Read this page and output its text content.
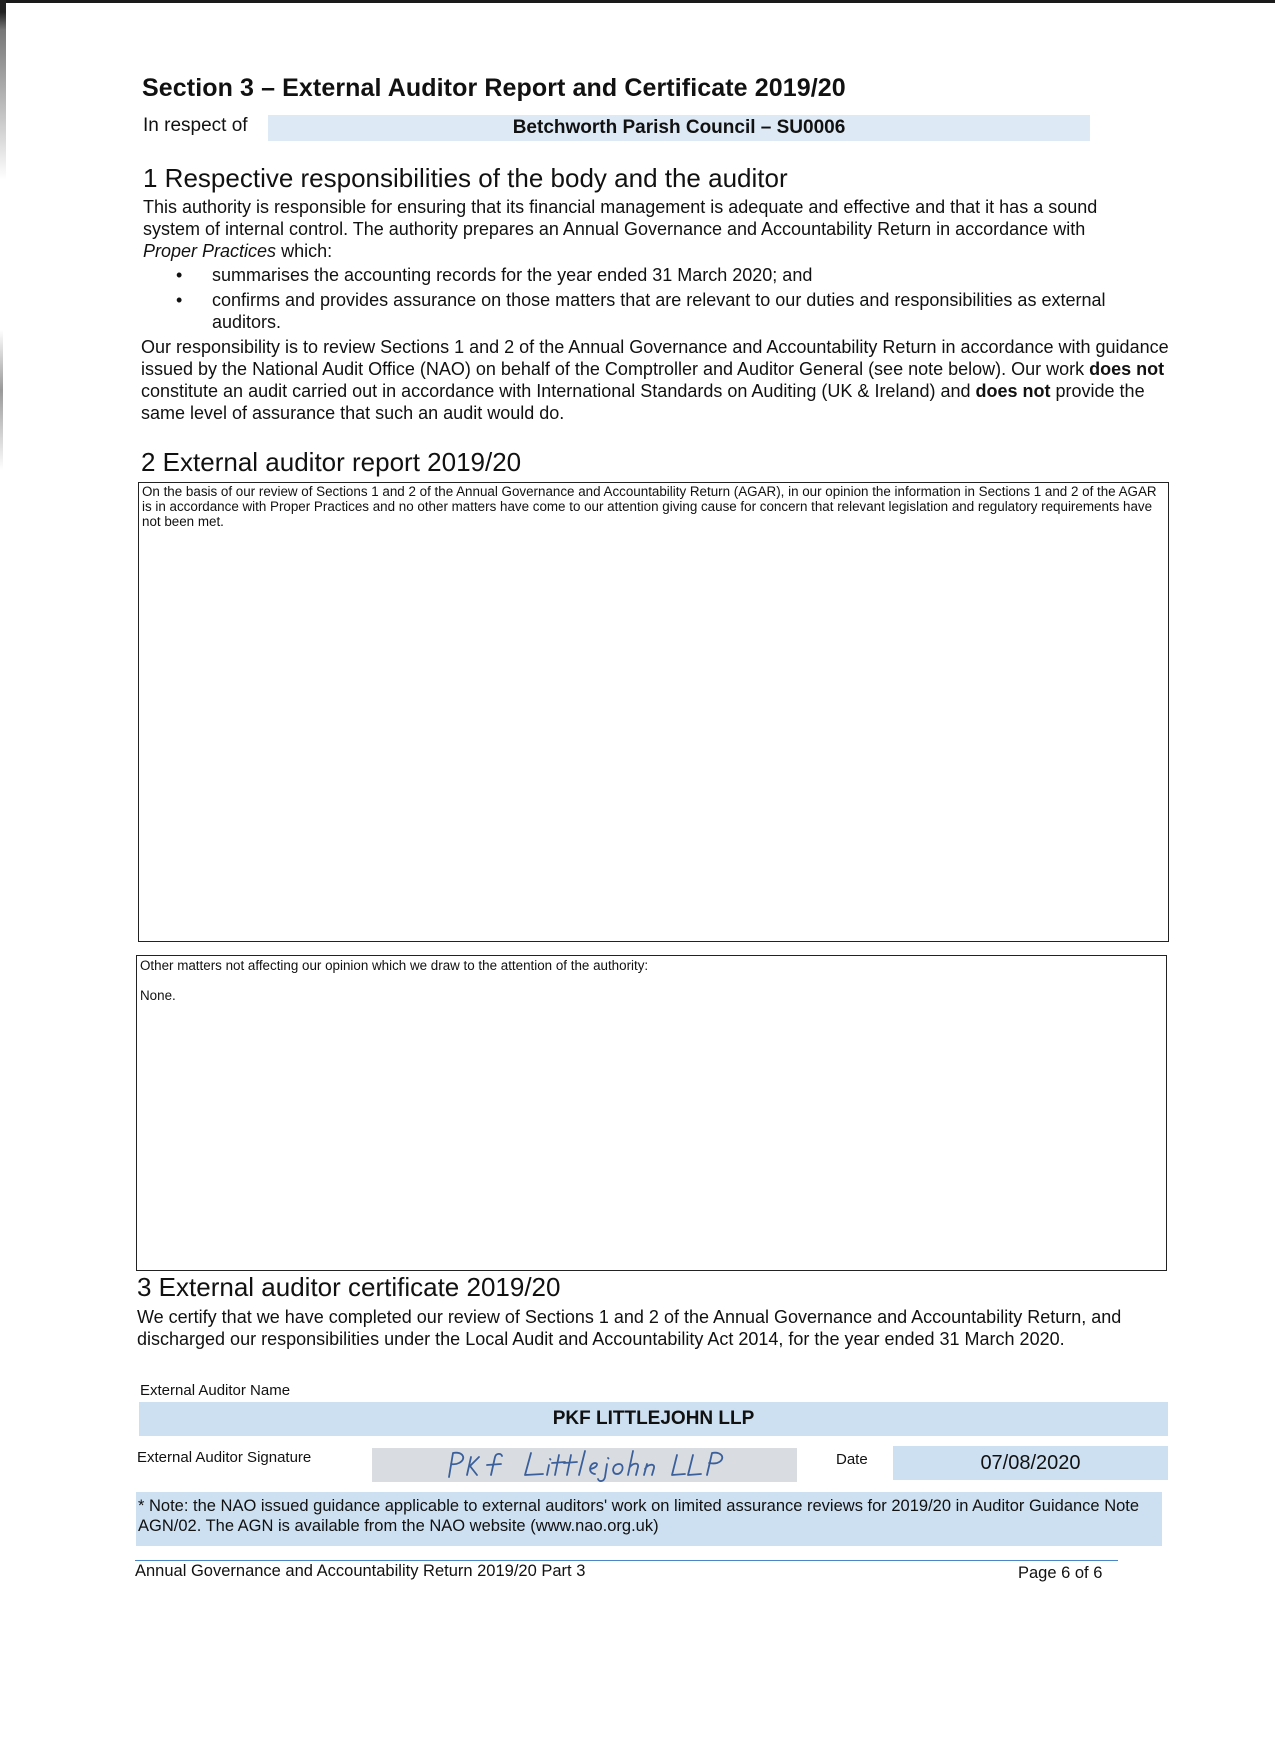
Section 3 – External Auditor Report and Certificate 2019/20
In respect of	Betchworth Parish Council – SU0006
1 Respective responsibilities of the body and the auditor

This authority is responsible for ensuring that its financial management is adequate and effective and that it has a sound system of internal control. The authority prepares an Annual Governance and Accountability Return in accordance with Proper Practices which:

• summarises the accounting records for the year ended 31 March 2020; and
• confirms and provides assurance on those matters that are relevant to our duties and responsibilities as external auditors.

Our responsibility is to review Sections 1 and 2 of the Annual Governance and Accountability Return in accordance with guidance issued by the National Audit Office (NAO) on behalf of the Comptroller and Auditor General (see note below). Our work does not constitute an audit carried out in accordance with International Standards on Auditing (UK & Ireland) and does not provide the same level of assurance that such an audit would do.

2 External auditor report 2019/20

On the basis of our review of Sections 1 and 2 of the Annual Governance and Accountability Return (AGAR), in our opinion the information in Sections 1 and 2 of the AGAR is in accordance with Proper Practices and no other matters have come to our attention giving cause for concern that relevant legislation and regulatory requirements have not been met.

Other matters not affecting our opinion which we draw to the attention of the authority:
None.
3 External auditor certificate 2019/20

We certify that we have completed our review of Sections 1 and 2 of the Annual Governance and Accountability Return, and discharged our responsibilities under the Local Audit and Accountability Act 2014, for the year ended 31 March 2020.

External Auditor Name
PKF LITTLEJOHN LLP
External Auditor Signature	Date	07/08/2020
* Note: the NAO issued guidance applicable to external auditors' work on limited assurance reviews for 2019/20 in Auditor Guidance Note AGN/02. The AGN is available from the NAO website (www.nao.org.uk)
Annual Governance and Accountability Return 2019/20 Part 3	Page 6 of 6
